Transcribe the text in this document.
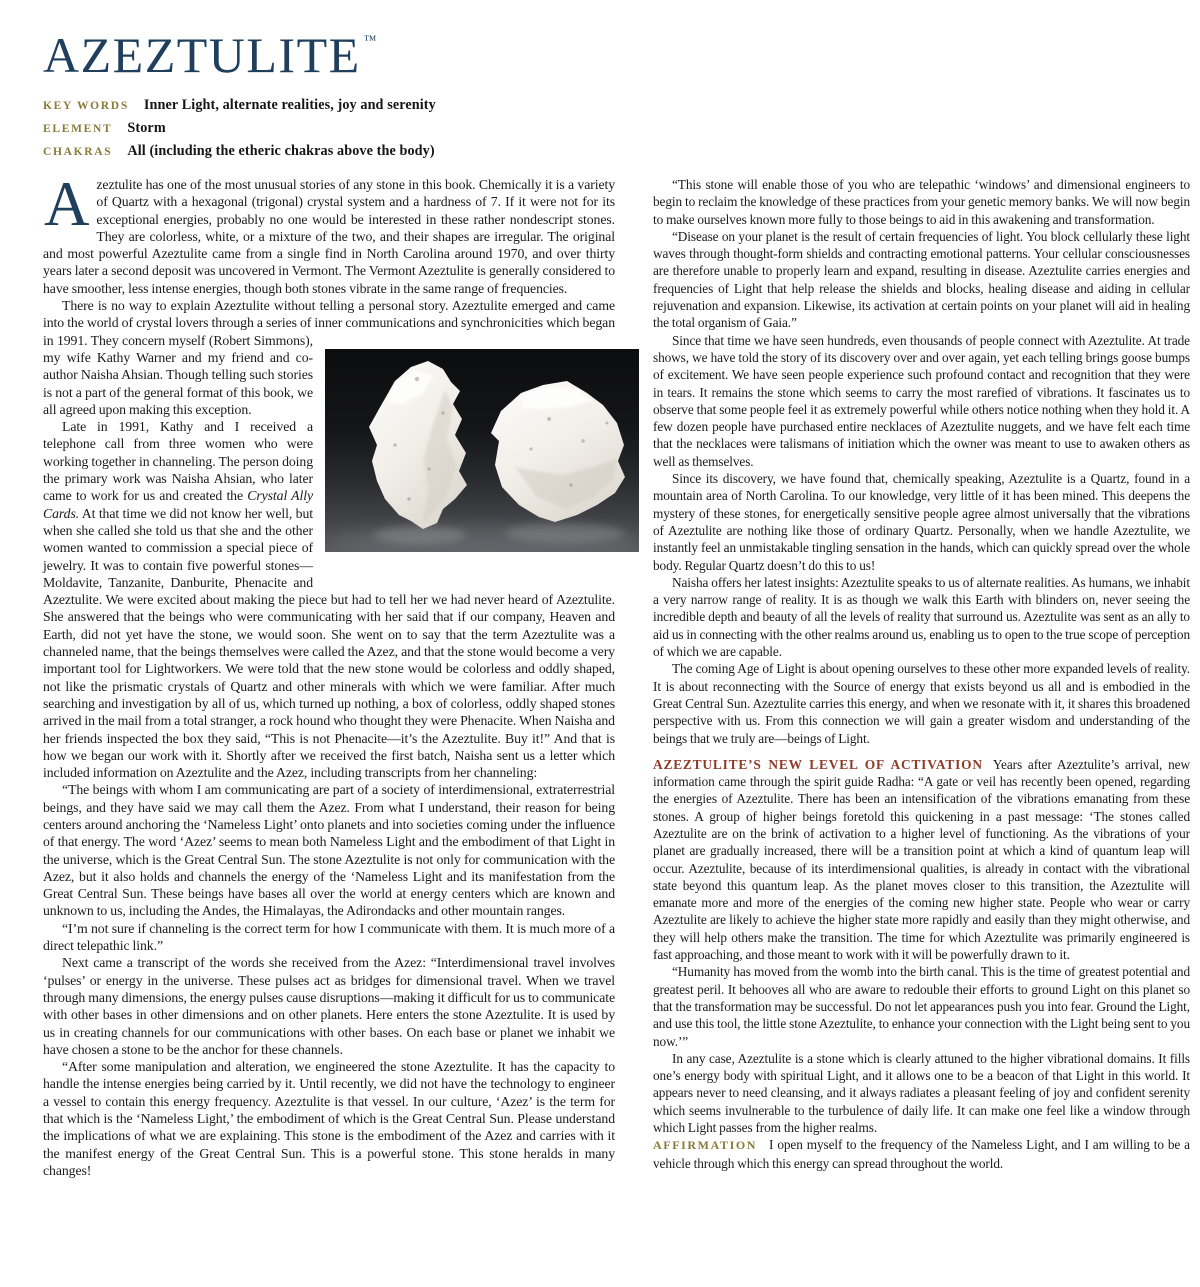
AZEZTULITE ™
KEY WORDS Inner Light, alternate realities, joy and serenity
ELEMENT Storm
CHAKRAS All (including the etheric chakras above the body)

Azeztulite has one of the most unusual stories of any stone in this book. Chemically it is a variety of Quartz with a hexagonal (trigonal) crystal system and a hardness of 7. If it were not for its exceptional energies, probably no one would be interested in these rather nondescript stones. They are colorless, white, or a mixture of the two, and their shapes are irregular. The original and most powerful Azeztulite came from a single find in North Carolina around 1970, and over thirty years later a second deposit was uncovered in Vermont. The Vermont Azeztulite is generally considered to have smoother, less intense energies, though both stones vibrate in the same range of frequencies.

There is no way to explain Azeztulite without telling a personal story. Azeztulite emerged and came into the world of crystal lovers through a series of inner communications and synchronicities which began in 1991. They concern myself (Robert Simmons), my wife Kathy Warner and my friend and co-author Naisha Ahsian. Though telling such stories is not a part of the general format of this book, we all agreed upon making this exception.

Late in 1991, Kathy and I received a telephone call from three women who were working together in channeling. The person doing the primary work was Naisha Ahsian, who later came to work for us and created the Crystal Ally Cards. At that time we did not know her well, but when she called she told us that she and the other women wanted to commission a special piece of jewelry. It was to contain five powerful stones—Moldavite, Tanzanite, Danburite, Phenacite and Azeztulite. We were excited about making the piece but had to tell her we had never heard of Azeztulite. She answered that the beings who were communicating with her said that if our company, Heaven and Earth, did not yet have the stone, we would soon. She went on to say that the term Azeztulite was a channeled name, that the beings themselves were called the Azez, and that the stone would become a very important tool for Lightworkers. We were told that the new stone would be colorless and oddly shaped, not like the prismatic crystals of Quartz and other minerals with which we were familiar. After much searching and investigation by all of us, which turned up nothing, a box of colorless, oddly shaped stones arrived in the mail from a total stranger, a rock hound who thought they were Phenacite. When Naisha and her friends inspected the box they said, “This is not Phenacite—it’s the Azeztulite. Buy it!” And that is how we began our work with it. Shortly after we received the first batch, Naisha sent us a letter which included information on Azeztulite and the Azez, including transcripts from her channeling:

“The beings with whom I am communicating are part of a society of interdimensional, extraterrestrial beings, and they have said we may call them the Azez. From what I understand, their reason for being centers around anchoring the ‘Nameless Light’ onto planets and into societies coming under the influence of that energy. The word ‘Azez’ seems to mean both Nameless Light and the embodiment of that Light in the universe, which is the Great Central Sun. The stone Azeztulite is not only for communication with the Azez, but it also holds and channels the energy of the ‘Nameless Light and its manifestation from the Great Central Sun. These beings have bases all over the world at energy centers which are known and unknown to us, including the Andes, the Himalayas, the Adirondacks and other mountain ranges.

“I’m not sure if channeling is the correct term for how I communicate with them. It is much more of a direct telepathic link.”

Next came a transcript of the words she received from the Azez: “Interdimensional travel involves ‘pulses’ or energy in the universe. These pulses act as bridges for dimensional travel. When we travel through many dimensions, the energy pulses cause disruptions—making it difficult for us to communicate with other bases in other dimensions and on other planets. Here enters the stone Azeztulite. It is used by us in creating channels for our communications with other bases. On each base or planet we inhabit we have chosen a stone to be the anchor for these channels.

“After some manipulation and alteration, we engineered the stone Azeztulite. It has the capacity to handle the intense energies being carried by it. Until recently, we did not have the technology to engineer a vessel to contain this energy frequency. Azeztulite is that vessel. In our culture, ‘Azez’ is the term for that which is the ‘Nameless Light,’ the embodiment of which is the Great Central Sun. Please understand the implications of what we are explaining. This stone is the embodiment of the Azez and carries with it the manifest energy of the Great Central Sun. This is a powerful stone. This stone heralds in many changes!

“This stone will enable those of you who are telepathic ‘windows’ and dimensional engineers to begin to reclaim the knowledge of these practices from your genetic memory banks. We will now begin to make ourselves known more fully to those beings to aid in this awakening and transformation.

“Disease on your planet is the result of certain frequencies of light. You block cellularly these light waves through thought-form shields and contracting emotional patterns. Your cellular consciousnesses are therefore unable to properly learn and expand, resulting in disease. Azeztulite carries energies and frequencies of Light that help release the shields and blocks, healing disease and aiding in cellular rejuvenation and expansion. Likewise, its activation at certain points on your planet will aid in healing the total organism of Gaia.”

Since that time we have seen hundreds, even thousands of people connect with Azeztulite. At trade shows, we have told the story of its discovery over and over again, yet each telling brings goose bumps of excitement. We have seen people experience such profound contact and recognition that they were in tears. It remains the stone which seems to carry the most rarefied of vibrations. It fascinates us to observe that some people feel it as extremely powerful while others notice nothing when they hold it. A few dozen people have purchased entire necklaces of Azeztulite nuggets, and we have felt each time that the necklaces were talismans of initiation which the owner was meant to use to awaken others as well as themselves.

Since its discovery, we have found that, chemically speaking, Azeztulite is a Quartz, found in a mountain area of North Carolina. To our knowledge, very little of it has been mined. This deepens the mystery of these stones, for energetically sensitive people agree almost universally that the vibrations of Azeztulite are nothing like those of ordinary Quartz. Personally, when we handle Azeztulite, we instantly feel an unmistakable tingling sensation in the hands, which can quickly spread over the whole body. Regular Quartz doesn’t do this to us!

Naisha offers her latest insights: Azeztulite speaks to us of alternate realities. As humans, we inhabit a very narrow range of reality. It is as though we walk this Earth with blinders on, never seeing the incredible depth and beauty of all the levels of reality that surround us. Azeztulite was sent as an ally to aid us in connecting with the other realms around us, enabling us to open to the true scope of perception of which we are capable.

The coming Age of Light is about opening ourselves to these other more expanded levels of reality. It is about reconnecting with the Source of energy that exists beyond us all and is embodied in the Great Central Sun. Azeztulite carries this energy, and when we resonate with it, it shares this broadened perspective with us. From this connection we will gain a greater wisdom and understanding of the beings that we truly are—beings of Light.

AZEZTULITE’S NEW LEVEL OF ACTIVATION Years after Azeztulite’s arrival, new information came through the spirit guide Radha: “A gate or veil has recently been opened, regarding the energies of Azeztulite. There has been an intensification of the vibrations emanating from these stones. A group of higher beings foretold this quickening in a past message: ‘The stones called Azeztulite are on the brink of activation to a higher level of functioning. As the vibrations of your planet are gradually increased, there will be a transition point at which a kind of quantum leap will occur. Azeztulite, because of its interdimensional qualities, is already in contact with the vibrational state beyond this quantum leap. As the planet moves closer to this transition, the Azeztulite will emanate more and more of the energies of the coming new higher state. People who wear or carry Azeztulite are likely to achieve the higher state more rapidly and easily than they might otherwise, and they will help others make the transition. The time for which Azeztulite was primarily engineered is fast approaching, and those meant to work with it will be powerfully drawn to it.

“Humanity has moved from the womb into the birth canal. This is the time of greatest potential and greatest peril. It behooves all who are aware to redouble their efforts to ground Light on this planet so that the transformation may be successful. Do not let appearances push you into fear. Ground the Light, and use this tool, the little stone Azeztulite, to enhance your connection with the Light being sent to you now.’”

In any case, Azeztulite is a stone which is clearly attuned to the higher vibrational domains. It fills one’s energy body with spiritual Light, and it allows one to be a beacon of that Light in this world. It appears never to need cleansing, and it always radiates a pleasant feeling of joy and confident serenity which seems invulnerable to the turbulence of daily life. It can make one feel like a window through which Light passes from the higher realms.

AFFIRMATION I open myself to the frequency of the Nameless Light, and I am willing to be a vehicle through which this energy can spread throughout the world.
